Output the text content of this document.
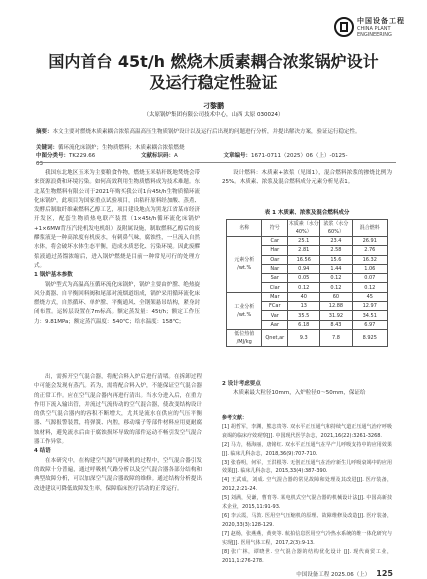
中国设备工程
CHINA PLANT
ENGINEERING
国内首台 45t/h 燃烧木质素耦合浓浆锅炉设计
及运行稳定性验证
刁黎鹏
（太原锅炉集团有限公司技术中心，山西 太原 030024）
摘要：本文主要对燃烧木质素耦合浓浆高温高压生物质锅炉设计以及运行后出现的问题进行分析，并提出解决方案，验证运行稳定性。
关键词：循环流化床锅炉；生物质燃料；木质素耦合浓浆燃烧
中图分类号：TK229.66	文献标识码：A	文章编号：1671-0711（2025）06（上）-0125-03

我国东北地区玉米为主要粮食作物，燃烧玉米秸秆既地焚烧会带来资源浪费和环境污染。如何高效利用生物质燃料成为技术难题。东北某生物燃料有限公司于2021年购买我公司1台45t/h生物质循环流化床锅炉，此项目为国家重点试验项目，由秸秆原料经加酸、蒸煮、发酵后制取纤维素燃料乙醇工艺，项目建设地点为黑龙江省某市经济开发区，配套生物质热电联产装置（1×45t/h循环流化床锅炉+1×6MW背压汽轮机发电机组）及附属设施，制取燃料乙醇后的废醪浆液是一种高浓度有机废水，有刺鼻气味，腐蚀性，一旦流入自然水体，将会破坏水体生态平衡，造成水质恶化、污染环境。因此废醪浆液通过蒸馏浓缩后，进入锅炉燃烧是目前一种常见可行的处理方式。

1 锅炉基本参数

锅炉型式为高温高压循环流化床锅炉，锅炉主要由炉膛、绝热旋风分离器、自平衡回料阀和尾部对流烟道组成，锅炉采用循环流化床燃烧方式，自然循环、单炉膛、平衡通风、全钢架悬吊结构，紧身封闭布置。运转层设置在7m标高。额定蒸发量：45t/h；额定工作压力：9.81MPa；额定蒸汽温度：540℃；给水温度：158℃；

设计燃料：木质素+浓浆（见图1），混合燃料浓浆的掺烧比例为25%。木质素、浓浆及混合燃料成分元素分析见表1。

表 1 木质素、浓浆及混合燃料成分
名称	符号	木质素（水分40%）	浓浆（水分60%）	混合燃料
元素分析 /wt.%	Car	25.1	23.4	26.91
	Har	2.81	2.58	2.76
	Oar	16.56	15.6	16.32
	Nar	0.94	1.44	1.06
	Sar	0.05	0.12	0.07
	Clar	0.12	0.12	0.12
工业分析 /wt.%	Mar	40	60	45
	FCar	13	12.88	12.97
	Var	35.5	31.92	34.51
	Aar	6.18	8.43	6.97
低位热值 /MJ/kg	Qnet,ar	9.3	7.8	8.925

2 设计考虑要点

木质素最大粒径10mm，入炉粒径0～50mm，保证给

出，需拆开空气混合器，将配合料入炉后进行清堵。在拆卸过程中可能会发现有蒸汽。若为，需将配合料入炉，不能保证空气混合器的正常工作。应在空气混合器内再进行清出。当水分进入后，在重力作用下流入输出管，并流过气流传动的空气混合器，使改变结构设计的供空气混合器内的容积不断增大，尤其是流水在供应的气压平衡器、气源报警装置，将弹簧、内腔，移动端子等部件材料应用更耐腐蚀材料，避免流水后由于腐蚀损坏导致的部件运动不畅引发空气混合器工作异常。

4 结语

在本研究中，在构建空气源气呼吸机的过程中，空气混合器引发的故障十分普遍，通过呼吸机气路分析以及空气混合器各部分结构和典型故障分析，可以加深空气混合器故障的维修。通过结构分析提出改进建议可降低故障发生率，保障临床医疗活动的正常运行。

参考文献：

[1] 胡哲军，李渊，熊志贵等. 双水平正压通气和持续气道正压通气治疗呼吸衰竭的临床疗效观察[J]. 中国现代医学杂志，2021,16(22):3261-3268.

[2] 马力，杨海丽，唐铭红. 双水平正压通气在早产儿呼吸支持中的应用效果[J]. 临床儿科杂志，2018,36(9):707-710.

[3] 张春明，何军，王洪根等. 无创正压通气在治疗新生儿呼吸衰竭中的应用效果[J]. 临床儿科杂志，2015,33(4):387-390.

[4] 王武成，刘成. 空气混合器的常见故障和处理及其改进[J]. 医疗装备，2012,2:21-24.

[5] 刘满，吴谦，曹育等. 某电机式空气混合器的机械设计法[J]. 中国高新技术企业，2015,11:91-93.

[6] 李云霞，马敦. 医用空气压缩机的原理、故障维修及改造[J]. 医疗装备，2020,33(3):128-129.

[7] 赵杨，张燕燕，黄奕等. 航拍信息医用空气冷热水系统的维一体化研究与实现[J]. 医用气体工程，2017,2(3):9-13.

[8] 张广林，谭晓世. 空气混合器的结构优化设计 [J]. 现代商贸工业，2011,1:276-278.

中国设备工程 2025.06（上） 125
